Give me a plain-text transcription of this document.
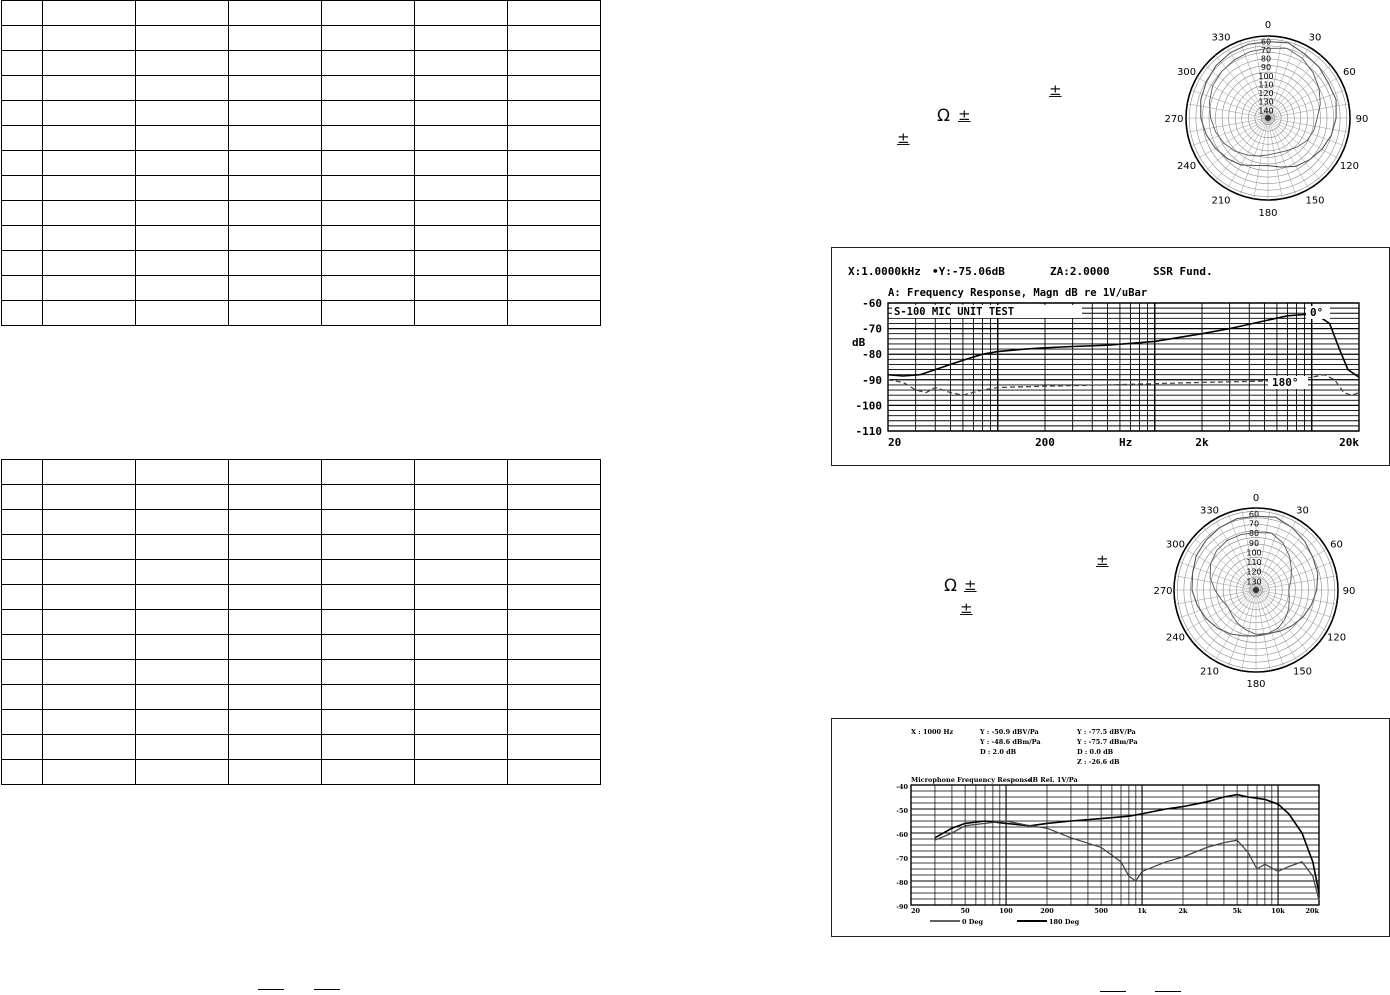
±
Ω ±
±
0
30
60
90
120
150
180
210
240
270
300
330	60
70
80
90
100
110
120
130
140
X:1.0000kHz •Y:-75.06dB	ZA:2.0000	SSR Fund.
A: Frequency Response, Magn dB re 1V/uBar
-60
-70
-80
-90
-100
-110
20	200	2k	20k
S-100 MIC UNIT TEST
dB
Hz
0°
180°
±
Ω ±
±
0
30
60
90
120
150
180
210
240
270
300
330	60
70
80
90
100
110
120
130
X : 1000 Hz	Y : -50.9 dBV/Pa
Y : -48.6 dBm/Pa
D : 2.0 dB
Y : -77.5 dBV/Pa
Y : -75.7 dBm/Pa
D : 0.0 dB
Z : -26.6 dB
Microphone Frequency Response
dB Rel. 1V/Pa
-40
-50
-60
-70
-80
-90 20	50	100	200	500	1k	2k	5k	10k	20k
0 Deg	180 Deg
